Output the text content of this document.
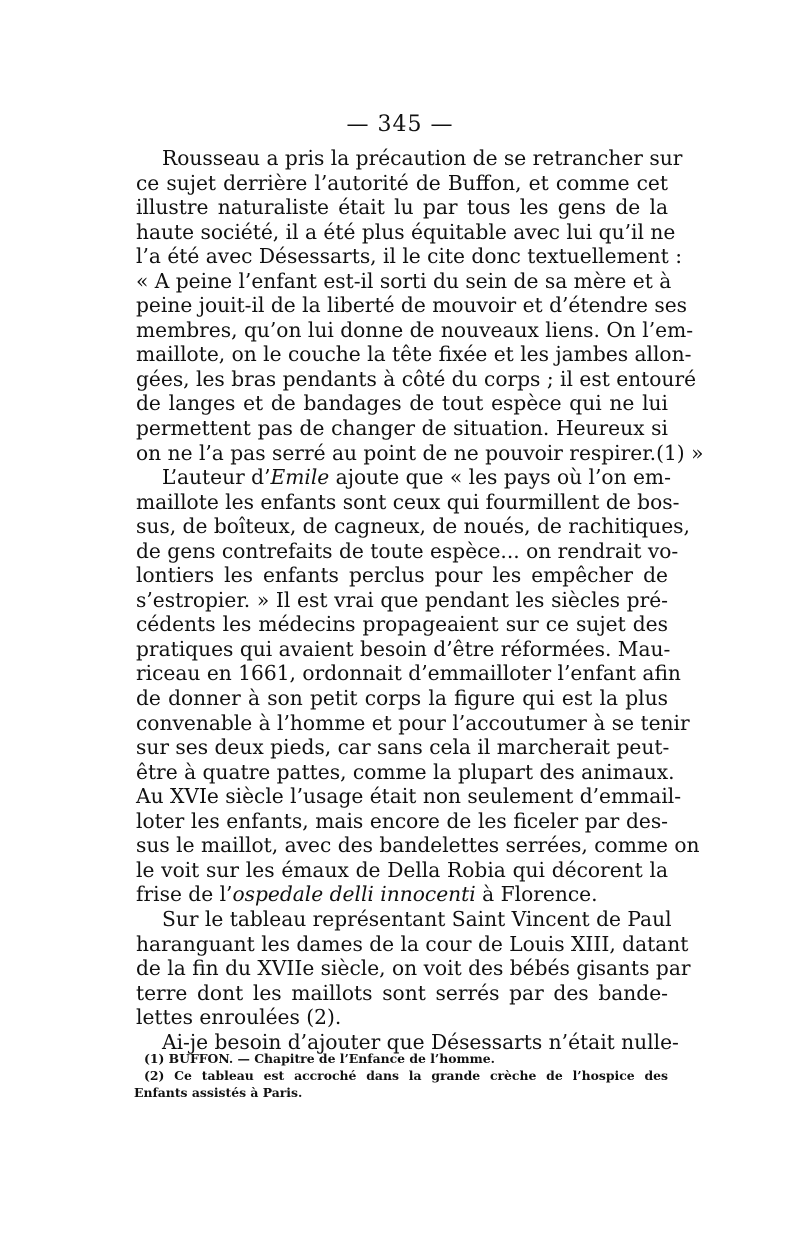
— 345 —
Rousseau a pris la précaution de se retrancher sur
ce sujet derrière l’autorité de Buffon, et comme cet
illustre naturaliste était lu par tous les gens de la
haute société, il a été plus équitable avec lui qu’il ne
l’a été avec Désessarts, il le cite donc textuellement :
« A peine l’enfant est-il sorti du sein de sa mère et à
peine jouit-il de la liberté de mouvoir et d’étendre ses
membres, qu’on lui donne de nouveaux liens. On l’em-
maillote, on le couche la tête fixée et les jambes allon-
gées, les bras pendants à côté du corps ; il est entouré
de langes et de bandages de tout espèce qui ne lui
permettent pas de changer de situation. Heureux si
on ne l’a pas serré au point de ne pouvoir respirer.(1) »
L’auteur d’Emile ajoute que « les pays où l’on em-
maillote les enfants sont ceux qui fourmillent de bos-
sus, de boîteux, de cagneux, de noués, de rachitiques,
de gens contrefaits de toute espèce... on rendrait vo-
lontiers les enfants perclus pour les empêcher de
s’estropier. » Il est vrai que pendant les siècles pré-
cédents les médecins propageaient sur ce sujet des
pratiques qui avaient besoin d’être réformées. Mau-
riceau en 1661, ordonnait d’emmailloter l’enfant afin
de donner à son petit corps la figure qui est la plus
convenable à l’homme et pour l’accoutumer à se tenir
sur ses deux pieds, car sans cela il marcherait peut-
être à quatre pattes, comme la plupart des animaux.
Au XVIe siècle l’usage était non seulement d’emmail-
loter les enfants, mais encore de les ficeler par des-
sus le maillot, avec des bandelettes serrées, comme on
le voit sur les émaux de Della Robia qui décorent la
frise de l’ospedale delli innocenti à Florence.
Sur le tableau représentant Saint Vincent de Paul
haranguant les dames de la cour de Louis XIII, datant
de la fin du XVIIe siècle, on voit des bébés gisants par
terre dont les maillots sont serrés par des bande-
lettes enroulées (2).
Ai-je besoin d’ajouter que Désessarts n’était nulle-
(1) BUFFON. — Chapitre de l’Enfance de l’homme.
(2) Ce tableau est accroché dans la grande crèche de l’hospice des
Enfants assistés à Paris.
